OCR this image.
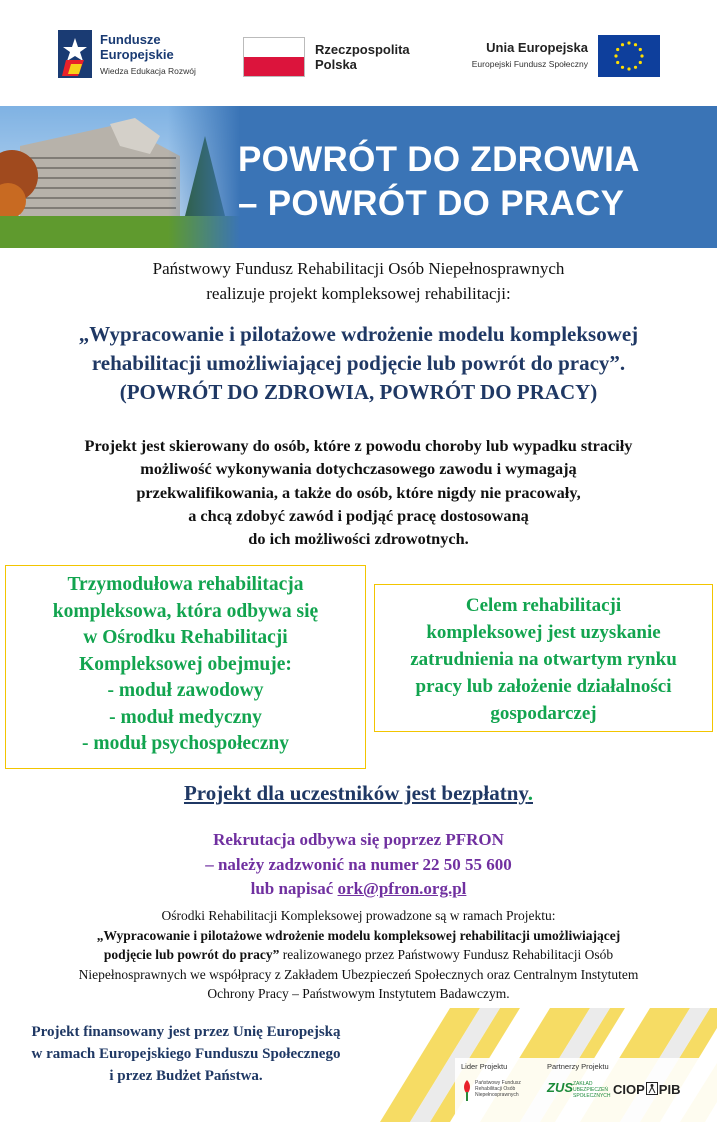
Fundusze
Europejskie
Wiedza Edukacja Rozwój
Rzeczpospolita
Polska
Unia Europejska
Europejski Fundusz Społeczny
POWRÓT DO ZDROWIA
– POWRÓT DO PRACY
Państwowy Fundusz Rehabilitacji Osób Niepełnosprawnych
realizuje projekt kompleksowej rehabilitacji:
„Wypracowanie i pilotażowe wdrożenie modelu kompleksowej
rehabilitacji umożliwiającej podjęcie lub powrót do pracy”.
(POWRÓT DO ZDROWIA, POWRÓT DO PRACY)
Projekt jest skierowany do osób, które z powodu choroby lub wypadku straciły
możliwość wykonywania dotychczasowego zawodu i wymagają
przekwalifikowania, a także do osób, które nigdy nie pracowały,
a chcą zdobyć zawód i podjąć pracę dostosowaną
do ich możliwości zdrowotnych.
Trzymodułowa rehabilitacja
kompleksowa, która odbywa się
w Ośrodku Rehabilitacji
Kompleksowej obejmuje:
- moduł zawodowy
- moduł medyczny
- moduł psychospołeczny
Celem rehabilitacji
kompleksowej jest uzyskanie
zatrudnienia na otwartym rynku
pracy lub założenie działalności
gospodarczej
Projekt dla uczestników jest bezpłatny.
Rekrutacja odbywa się poprzez PFRON
– należy zadzwonić na numer 22 50 55 600
lub napisać ork@pfron.org.pl
Ośrodki Rehabilitacji Kompleksowej prowadzone są w ramach Projektu:
„Wypracowanie i pilotażowe wdrożenie modelu kompleksowej rehabilitacji umożliwiającej
podjęcie lub powrót do pracy” realizowanego przez Państwowy Fundusz Rehabilitacji Osób
Niepełnosprawnych we współpracy z Zakładem Ubezpieczeń Społecznych oraz Centralnym Instytutem
Ochrony Pracy – Państwowym Instytutem Badawczym.
Projekt finansowany jest przez Unię Europejską
w ramach Europejskiego Funduszu Społecznego
i przez Budżet Państwa.
Lider Projektu	Partnerzy Projektu
Państwowy Fundusz
Rehabilitacji Osób
Niepełnosprawnych ZUS ZAKŁAD
UBEZPIECZEŃ
SPOŁECZNYCH CIOP PIB
